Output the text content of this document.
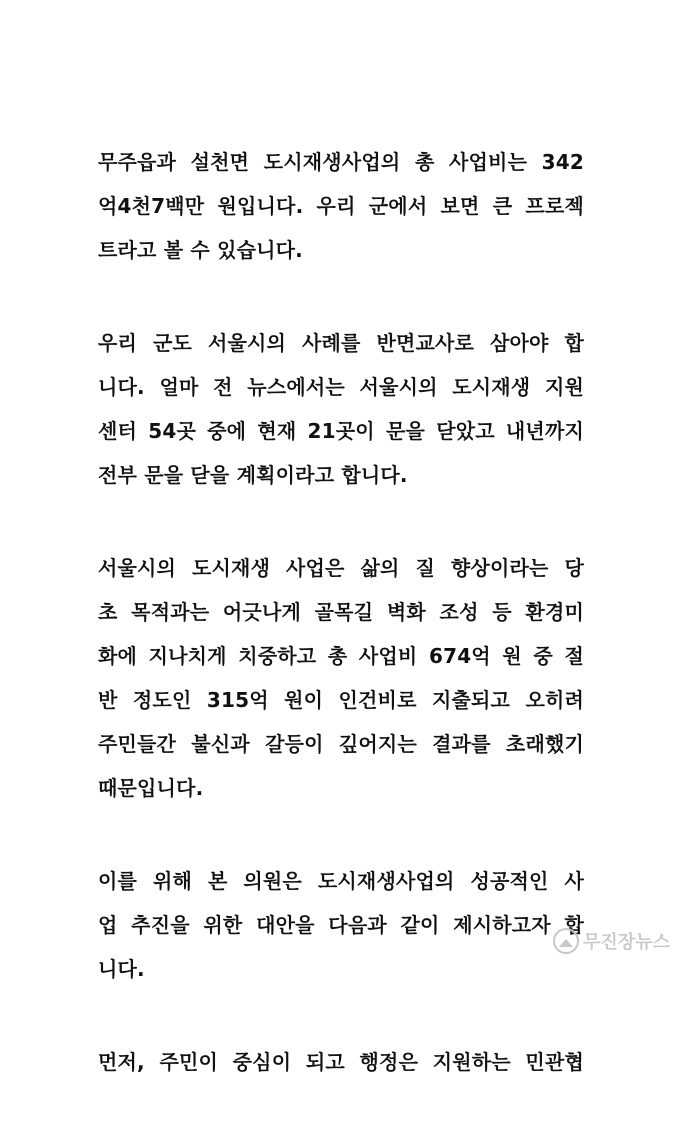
무주읍과 설천면 도시재생사업의 총 사업비는 342
억4천7백만 원입니다. 우리 군에서 보면 큰 프로젝
트라고 볼 수 있습니다.

우리 군도 서울시의 사례를 반면교사로 삼아야 합
니다. 얼마 전 뉴스에서는 서울시의 도시재생 지원
센터 54곳 중에 현재 21곳이 문을 닫았고 내년까지
전부 문을 닫을 계획이라고 합니다.

서울시의 도시재생 사업은 삶의 질 향상이라는 당
초 목적과는 어긋나게 골목길 벽화 조성 등 환경미
화에 지나치게 치중하고 총 사업비 674억 원 중 절
반 정도인 315억 원이 인건비로 지출되고 오히려
주민들간 불신과 갈등이 깊어지는 결과를 초래했기
때문입니다.

이를 위해 본 의원은 도시재생사업의 성공적인 사
업 추진을 위한 대안을 다음과 같이 제시하고자 합
니다.

먼저, 주민이 중심이 되고 행정은 지원하는 민관협

무진장뉴스
